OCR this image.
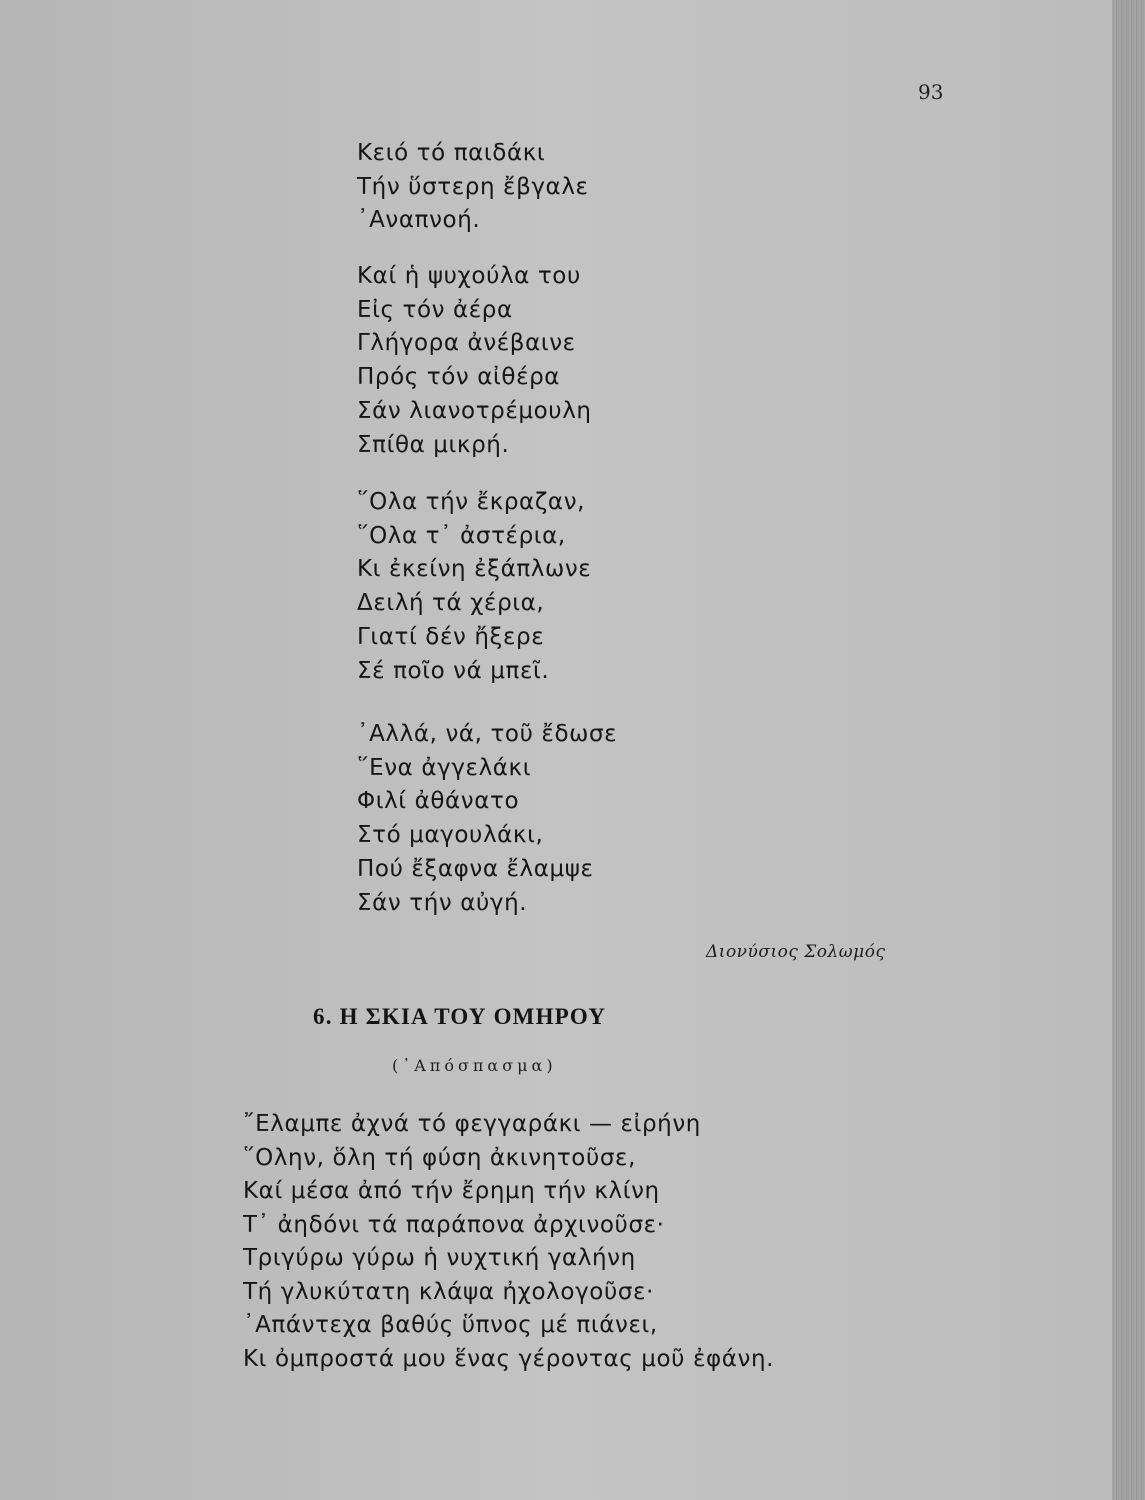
93
Κειό τό παιδάκι
Τήν ὕστερη ἔβγαλε
᾿Αναπνοή.
Καί ἡ ψυχούλα του
Εἰς τόν ἀέρα
Γλήγορα ἀνέβαινε
Πρός τόν αἰθέρα
Σάν λιανοτρέμουλη
Σπίθα μικρή.
῞Ολα τήν ἔκραζαν,
῞Ολα τ᾿ ἀστέρια,
Κι ἐκείνη ἐξάπλωνε
Δειλή τά χέρια,
Γιατί δέν ἤξερε
Σέ ποῖο νά μπεῖ.
᾿Αλλά, νά, τοῦ ἔδωσε
῞Ενα ἀγγελάκι
Φιλί ἀθάνατο
Στό μαγουλάκι,
Πού ἔξαφνα ἔλαμψε
Σάν τήν αὐγή.
Διονύσιος Σολωμός
6. Η ΣΚΙΑ ΤΟΥ ΟΜΗΡΟΥ
(᾿Απόσπασμα)
῎Ελαμπε ἀχνά τό φεγγαράκι — εἰρήνη
῞Ολην, ὅλη τή φύση ἀκινητοῦσε,
Καί μέσα ἀπό τήν ἔρημη τήν κλίνη
Τ᾿ ἀηδόνι τά παράπονα ἀρχινοῦσε·
Τριγύρω γύρω ἡ νυχτική γαλήνη
Τή γλυκύτατη κλάψα ἠχολογοῦσε·
᾿Απάντεχα βαθύς ὕπνος μέ πιάνει,
Κι ὀμπροστά μου ἕνας γέροντας μοῦ ἐφάνη.
